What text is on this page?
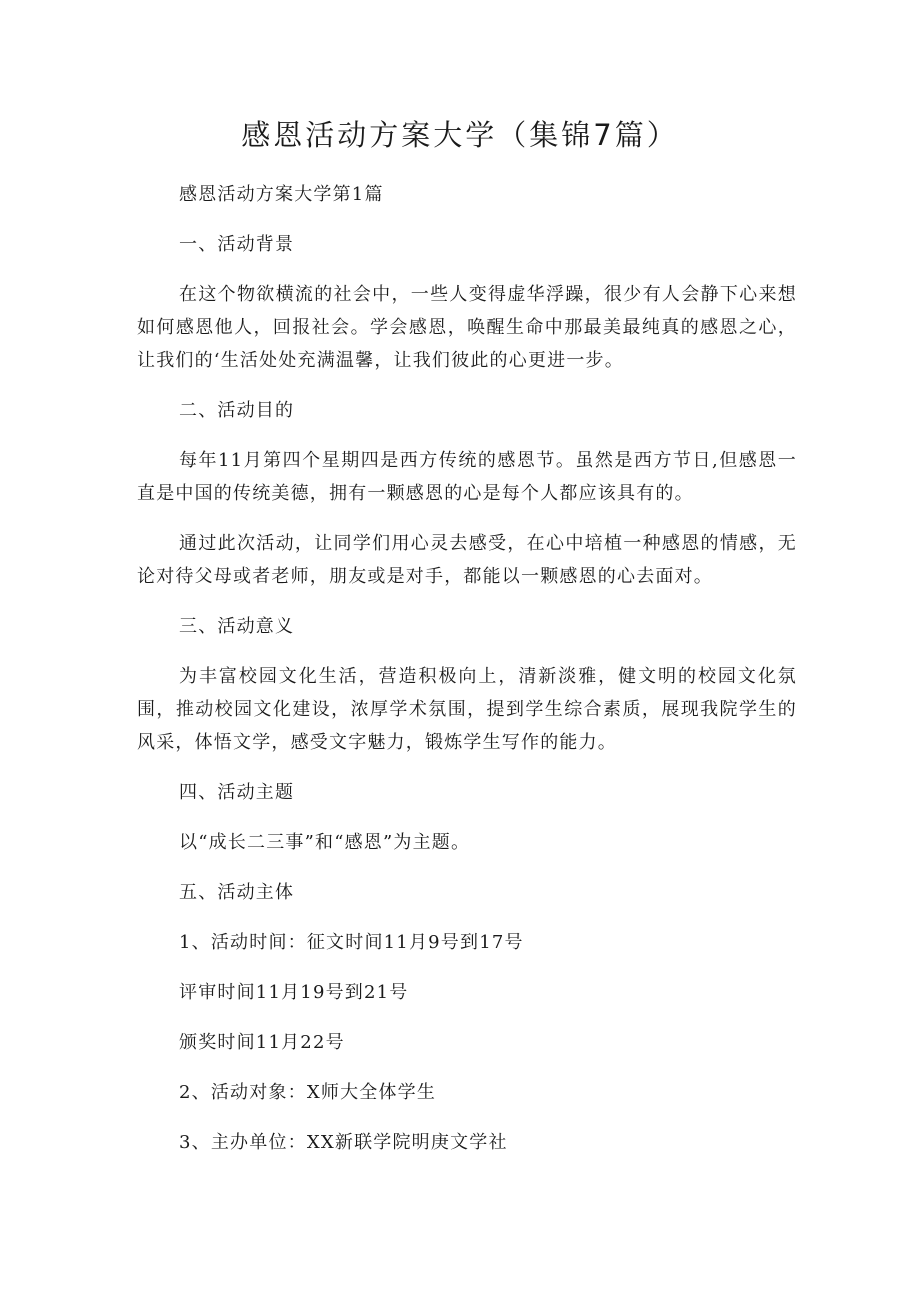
感恩活动方案大学（集锦7篇）

感恩活动方案大学第1篇

一、活动背景

在这个物欲横流的社会中，一些人变得虚华浮躁，很少有人会静下心来想如何感恩他人，回报社会。学会感恩，唤醒生命中那最美最纯真的感恩之心，让我们的‘生活处处充满温馨，让我们彼此的心更进一步。

二、活动目的

每年11月第四个星期四是西方传统的感恩节。虽然是西方节日,但感恩一直是中国的传统美德，拥有一颗感恩的心是每个人都应该具有的。

通过此次活动，让同学们用心灵去感受，在心中培植一种感恩的情感，无论对待父母或者老师，朋友或是对手，都能以一颗感恩的心去面对。

三、活动意义

为丰富校园文化生活，营造积极向上，清新淡雅，健文明的校园文化氛围，推动校园文化建设，浓厚学术氛围，提到学生综合素质，展现我院学生的风采，体悟文学，感受文字魅力，锻炼学生写作的能力。

四、活动主题

以“成长二三事”和“感恩”为主题。

五、活动主体

1、活动时间：征文时间11月9号到17号

评审时间11月19号到21号

颁奖时间11月22号

2、活动对象：X师大全体学生

3、主办单位：XX新联学院明庚文学社
